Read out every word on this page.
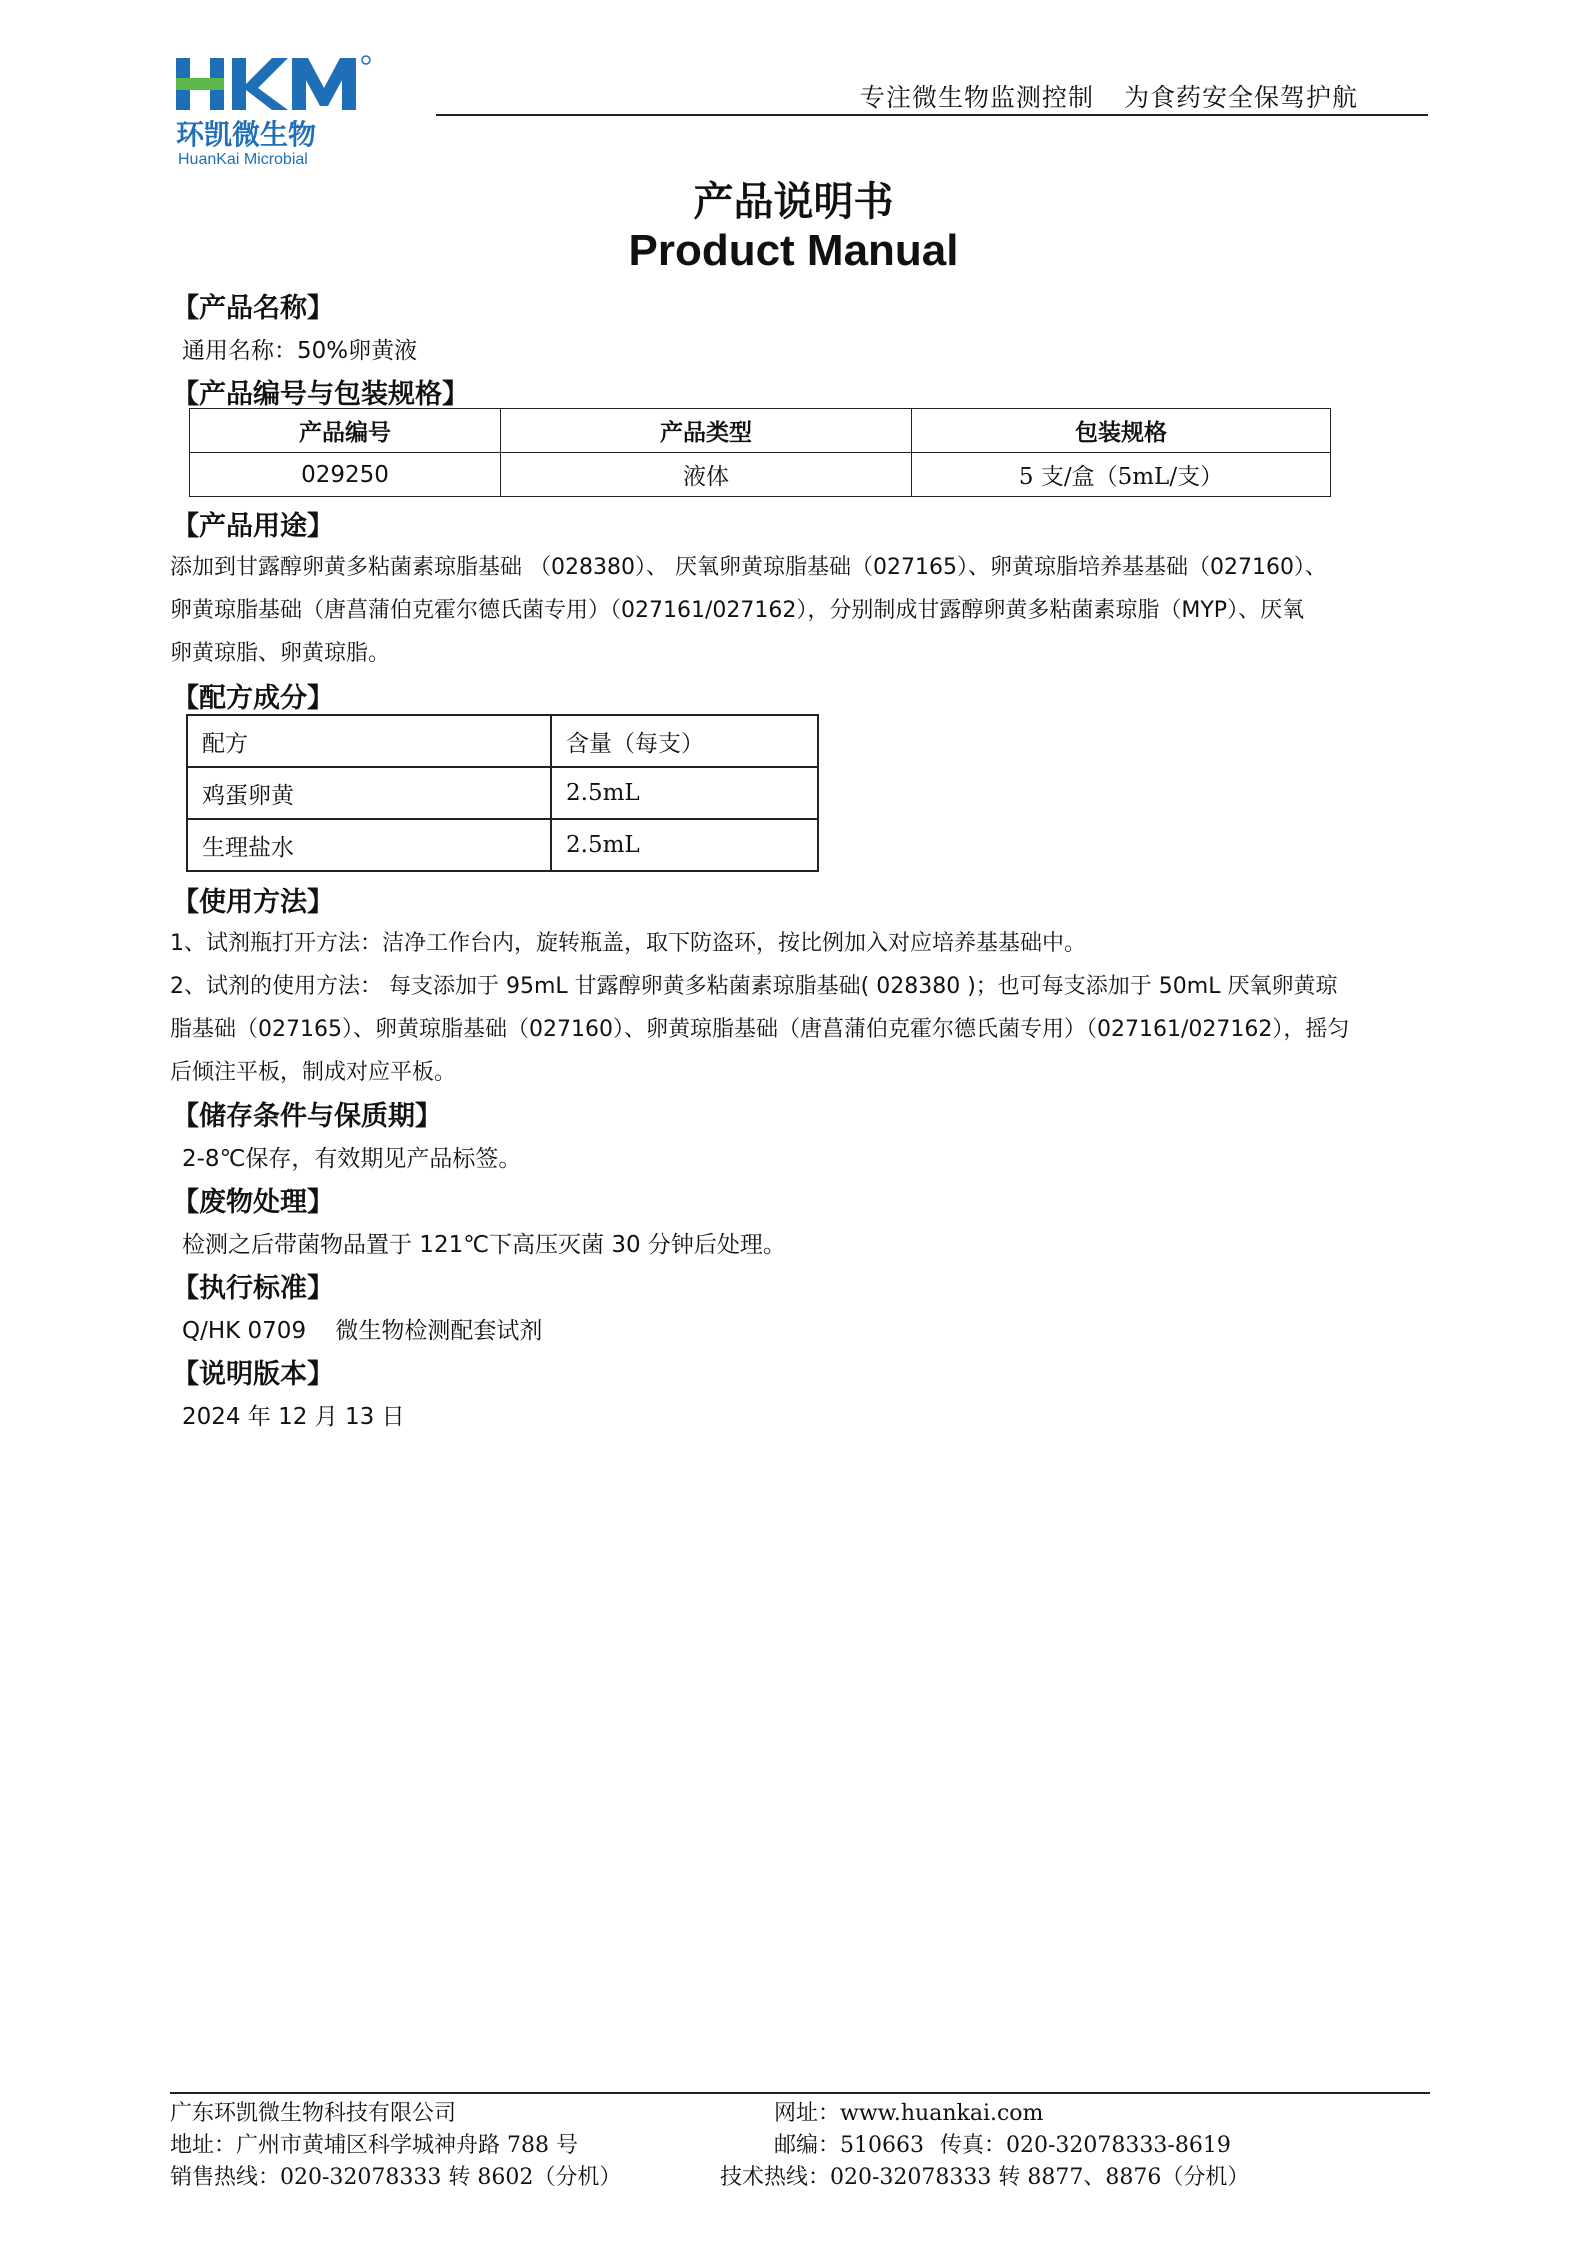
环凯微生物
HuanKai Microbial
专注微生物监测控制 为食药安全保驾护航
产品说明书
Product Manual
【产品名称】
通用名称：50%卵黄液
【产品编号与包装规格】
产品编号	产品类型	包装规格
029250	液体	5 支/盒（5mL/支）
【产品用途】

添加到甘露醇卵黄多粘菌素琼脂基础 （028380）、 厌氧卵黄琼脂基础（027165）、卵黄琼脂培养基基础（027160）、

卵黄琼脂基础（唐菖蒲伯克霍尔德氏菌专用）（027161/027162），分别制成甘露醇卵黄多粘菌素琼脂（MYP）、厌氧

卵黄琼脂、卵黄琼脂。

【配方成分】
配方	含量（每支）
鸡蛋卵黄	2.5mL
生理盐水	2.5mL
【使用方法】

1、试剂瓶打开方法：洁净工作台内，旋转瓶盖，取下防盗环，按比例加入对应培养基基础中。

2、试剂的使用方法： 每支添加于 95mL 甘露醇卵黄多粘菌素琼脂基础( 028380 )；也可每支添加于 50mL 厌氧卵黄琼

脂基础（027165）、卵黄琼脂基础（027160）、卵黄琼脂基础（唐菖蒲伯克霍尔德氏菌专用）（027161/027162），摇匀

后倾注平板，制成对应平板。

【储存条件与保质期】
2-8℃保存，有效期见产品标签。
【废物处理】
检测之后带菌物品置于 121℃下高压灭菌 30 分钟后处理。
【执行标准】
Q/HK 0709    微生物检测配套试剂
【说明版本】
2024 年 12 月 13 日
广东环凯微生物科技有限公司
地址：广州市黄埔区科学城神舟路 788 号
销售热线：020-32078333 转 8602（分机）
网址：www.huankai.com
邮编：510663 传真：020-32078333-8619
技术热线：020-32078333 转 8877、8876（分机）
